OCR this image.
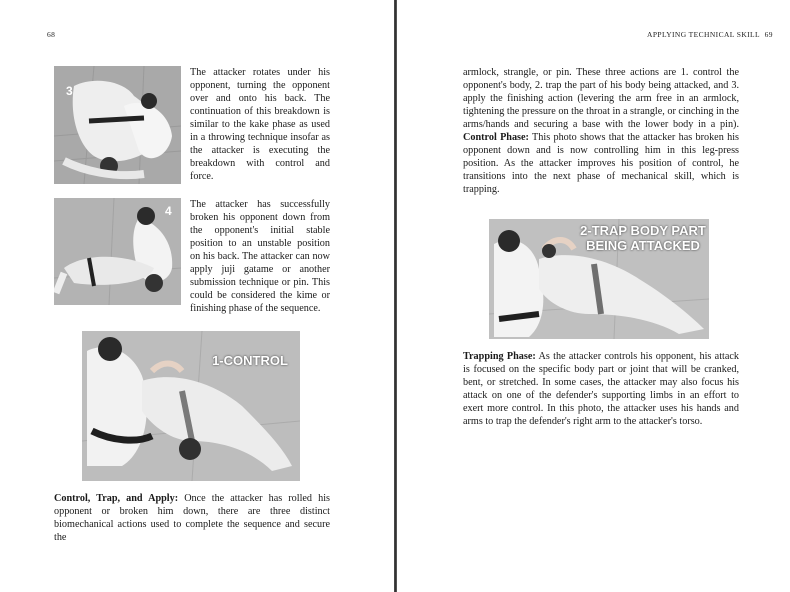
68
3

The attacker rotates under his opponent, turning the opponent over and onto his back. The continuation of this breakdown is similar to the kake phase as used in a throwing technique insofar as the attacker is executing the breakdown with control and force.

4 The attacker has successfully broken his opponent down from the opponent's initial stable position to an unstable position on his back. The attacker can now apply juji gatame or another submission technique or pin. This could be considered the kime or finishing phase of the sequence.

1-CONTROL

Control, Trap, and Apply: Once the attacker has rolled his opponent or broken him down, there are three distinct biomechanical actions used to complete the sequence and secure the

APPLYING TECHNICAL SKILL 69

armlock, strangle, or pin. These three actions are 1. control the opponent's body, 2. trap the part of his body being attacked, and 3. apply the finishing action (levering the arm free in an armlock, tightening the pressure on the throat in a strangle, or cinching in the arms/hands and securing a base with the lower body in a pin). Control Phase: This photo shows that the attacker has broken his opponent down and is now controlling him in this leg-press position. As the attacker improves his position of control, he transitions into the next phase of mechanical skill, which is trapping.

2-TRAP BODY PART
BEING ATTACKED

Trapping Phase: As the attacker controls his opponent, his attack is focused on the specific body part or joint that will be cranked, bent, or stretched. In some cases, the attacker may also focus his attack on one of the defender's supporting limbs in an effort to exert more control. In this photo, the attacker uses his hands and arms to trap the defender's right arm to the attacker's torso.
